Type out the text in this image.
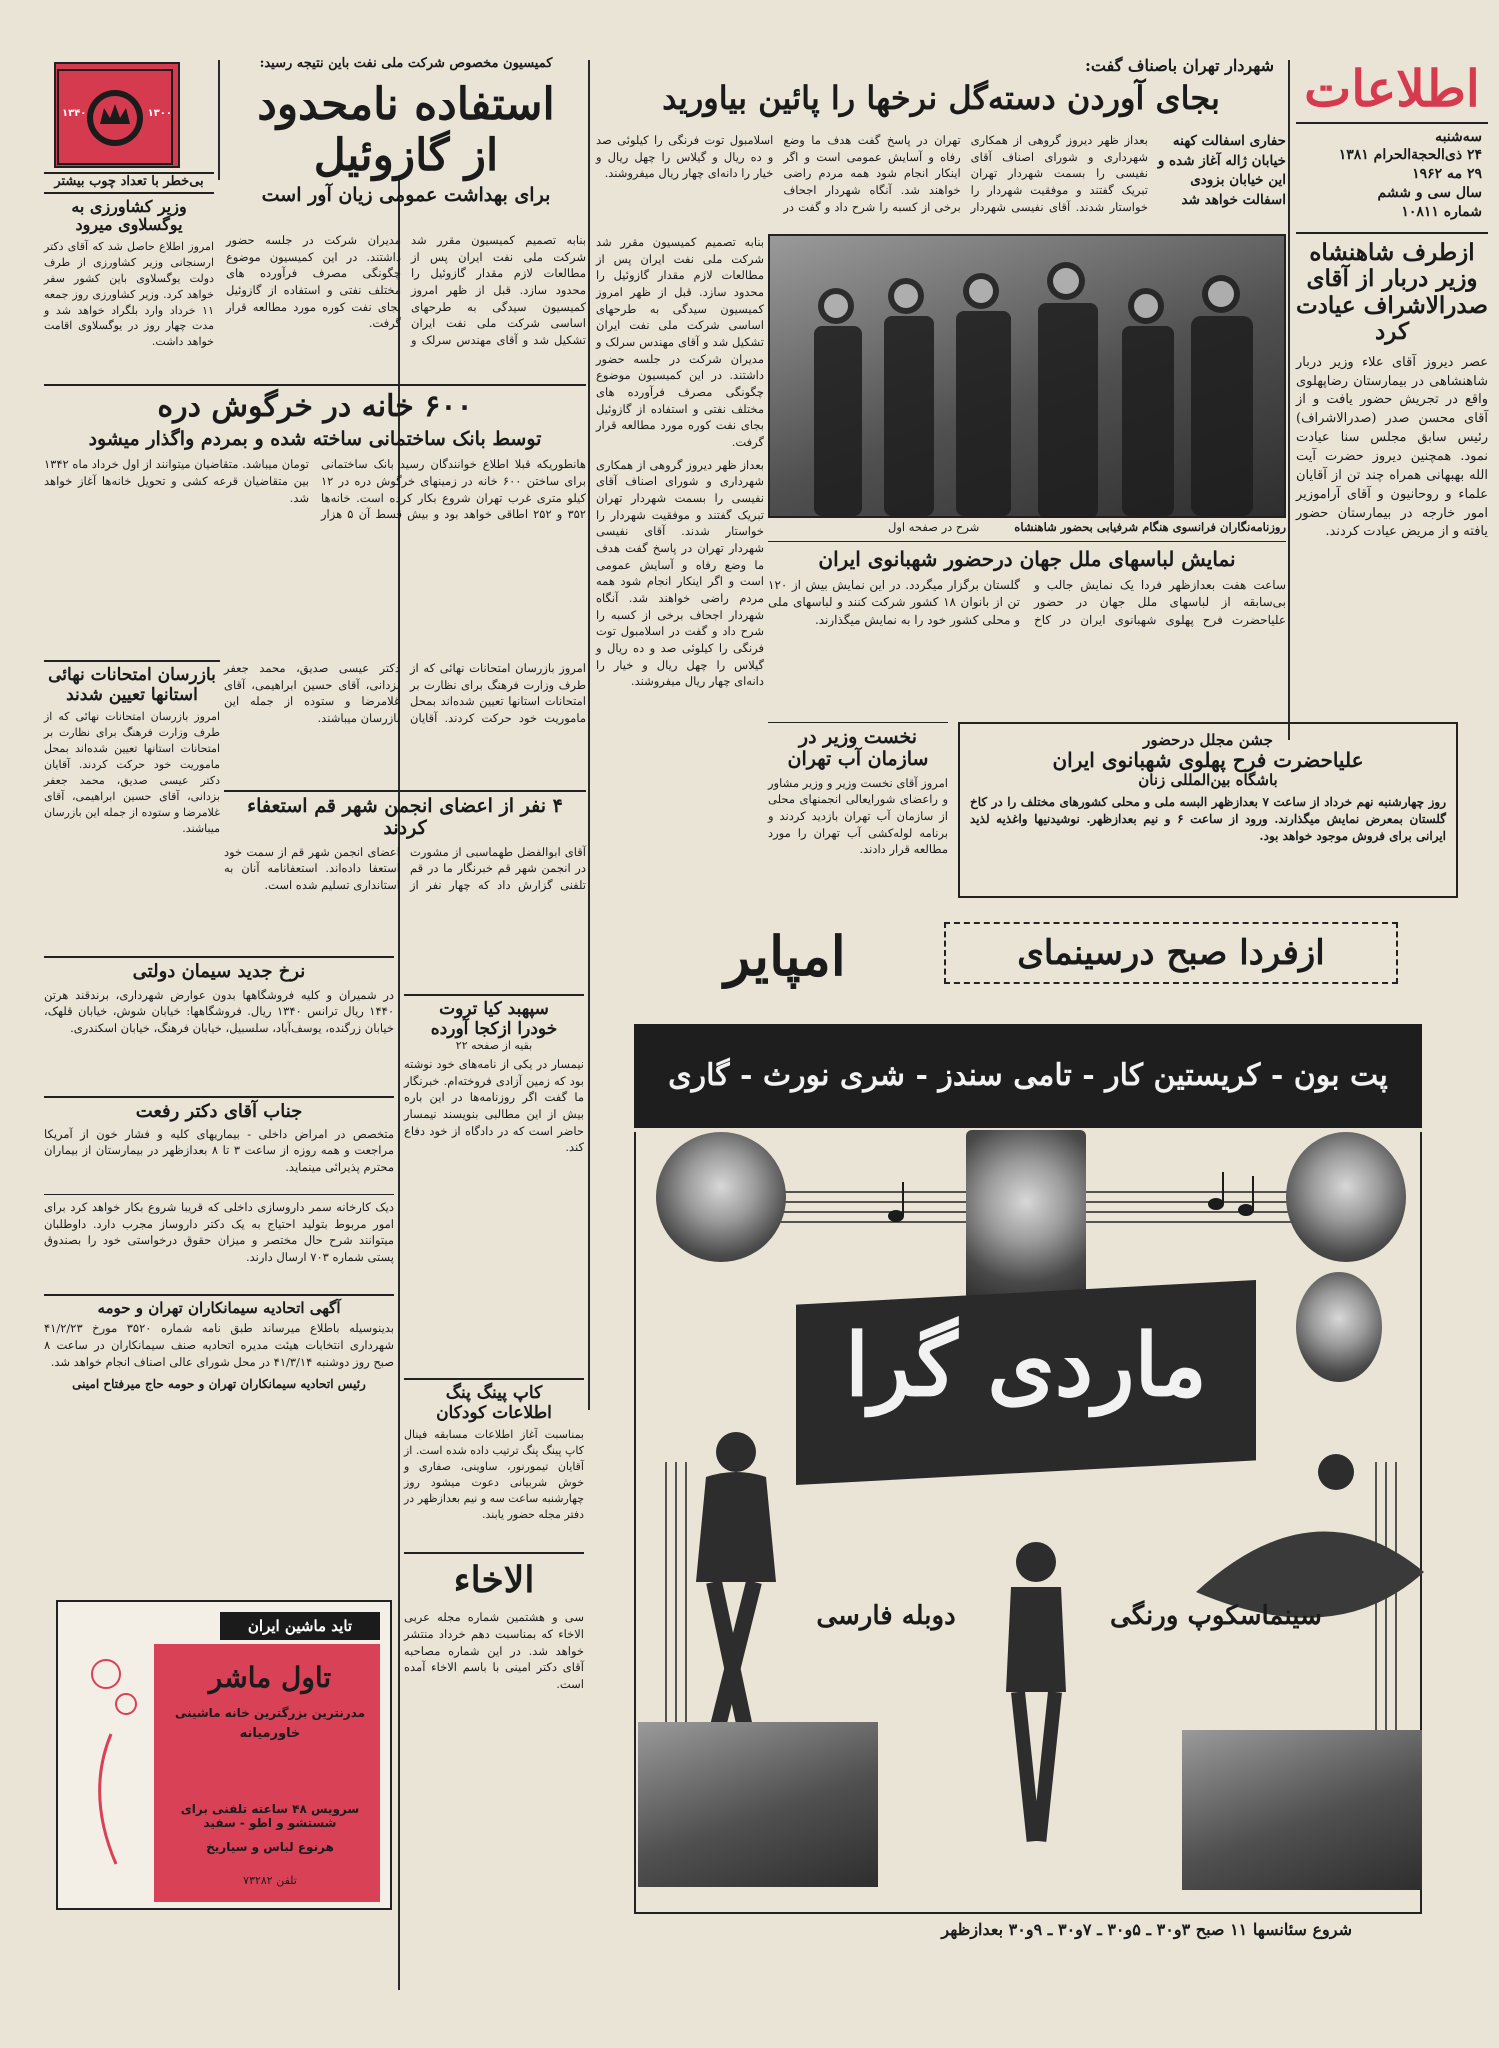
اطلاعات
سه‌شنبه
۲۴ ذی‌الحجة‌الحرام ۱۳۸۱
۲۹ مه ۱۹۶۲
سال سی و ششم
شماره ۱۰۸۱۱
ازطرف شاهنشاه وزیر دربار از آقای صدرالاشراف عیادت کرد

عصر دیروز آقای علاء وزیر دربار شاهنشاهی در بیمارستان رضاپهلوی واقع در تجریش حضور یافت و از آقای محسن صدر (صدرالاشراف) رئیس سابق مجلس سنا عیادت نمود. همچنین دیروز حضرت آیت الله بهبهانی همراه چند تن از آقایان علماء و روحانیون و آقای آراموزیر امور خارجه در بیمارستان حضور یافته و از مریض عیادت کردند.

شهردار تهران باصناف گفت:
بجای آوردن دسته‌گل نرخها را پائین بیاورید

حفاری اسفالت کهنه خیابان ژاله آغاز شده و این خیابان بزودی اسفالت خواهد شد

بعداز ظهر دیروز گروهی از همکاری شهرداری و شورای اصناف آقای نفیسی را بسمت شهردار تهران تبریک گفتند و موفقیت شهردار را خواستار شدند. آقای نفیسی شهردار تهران در پاسخ گفت هدف ما وضع رفاه و آسایش عمومی است و اگر اینکار انجام شود همه مردم راضی خواهند شد. آنگاه شهردار اجحاف برخی از کسبه را شرح داد و گفت در اسلامبول توت فرنگی را کیلوئی صد و ده ریال و گیلاس را چهل ریال و خیار را دانه‌ای چهار ریال میفروشند.

روزنامه‌نگاران فرانسوی هنگام شرفیابی بحضور شاهنشاه
شرح در صفحه اول

بنابه تصمیم کمیسیون مقرر شد شرکت ملی نفت ایران پس از مطالعات لازم مقدار گازوئیل را محدود سازد. قبل از ظهر امروز کمیسیون سیدگی به طرحهای اساسی شرکت ملی نفت ایران تشکیل شد و آقای مهندس سرلک و مدیران شرکت در جلسه حضور داشتند. در این کمیسیون موضوع چگونگی مصرف فرآورده های مختلف نفتی و استفاده از گازوئیل بجای نفت کوره مورد مطالعه قرار گرفت.

بعداز ظهر دیروز گروهی از همکاری شهرداری و شورای اصناف آقای نفیسی را بسمت شهردار تهران تبریک گفتند و موفقیت شهردار را خواستار شدند. آقای نفیسی شهردار تهران در پاسخ گفت هدف ما وضع رفاه و آسایش عمومی است و اگر اینکار انجام شود همه مردم راضی خواهند شد. آنگاه شهردار اجحاف برخی از کسبه را شرح داد و گفت در اسلامبول توت فرنگی را کیلوئی صد و ده ریال و گیلاس را چهل ریال و خیار را دانه‌ای چهار ریال میفروشند.

نمایش لباسهای ملل جهان درحضور شهبانوی ایران

ساعت هفت بعدازظهر فردا یک نمایش جالب و بی‌سابقه از لباسهای ملل جهان در حضور علیاحضرت فرح پهلوی شهبانوی ایران در کاخ گلستان برگزار میگردد. در این نمایش بیش از ۱۲۰ تن از بانوان ۱۸ کشور شرکت کنند و لباسهای ملی و محلی کشور خود را به نمایش میگذارند.

نخست وزیر در
سازمان آب تهران

امروز آقای نخست وزیر و وزیر مشاور و راعضای شورایعالی انجمنهای محلی از سازمان آب تهران بازدید کردند و برنامه لوله‌کشی آب تهران را مورد مطالعه قرار دادند.

جشن مجلل درحضور
علیاحضرت فرح پهلوی شهبانوی ایران
باشگاه بین‌المللی زنان

روز چهارشنبه نهم خرداد از ساعت ۷ بعدازظهر البسه ملی و محلی کشورهای مختلف را در کاخ گلستان بمعرض نمایش میگذارند. ورود از ساعت ۶ و نیم بعدازظهر. نوشیدنیها واغذیه لذید ایرانی برای فروش موجود خواهد بود.

کمیسیون مخصوص شرکت ملی نفت باین نتیجه رسید:
استفاده نامحدود
از گازوئیل
برای بهداشت عمومی زیان آور است

بنابه تصمیم کمیسیون مقرر شد شرکت ملی نفت ایران پس از مطالعات لازم مقدار گازوئیل را محدود سازد. قبل از ظهر امروز کمیسیون سیدگی به طرحهای اساسی شرکت ملی نفت ایران تشکیل شد و آقای مهندس سرلک و مدیران شرکت در جلسه حضور داشتند. در این کمیسیون موضوع چگونگی مصرف فرآورده های مختلف نفتی و استفاده از گازوئیل بجای نفت کوره مورد مطالعه قرار گرفت.

۱۳۴۰	۱۳۰۰
بی‌خطر با تعداد چوب بیشتر
وزیر کشاورزی به یوگسلاوی میرود

امروز اطلاع حاصل شد که آقای دکتر ارسنجانی وزیر کشاورزی از طرف دولت یوگسلاوی باین کشور سفر خواهد کرد. وزیر کشاورزی روز جمعه ۱۱ خرداد وارد بلگراد خواهد شد و مدت چهار روز در یوگسلاوی اقامت خواهد داشت.

۶۰۰ خانه در خرگوش دره
توسط بانک ساختمانی ساخته شده و بمردم واگذار میشود

هانطوریکه قبلا اطلاع خوانندگان رسید بانک ساختمانی برای ساختن ۶۰۰ خانه در زمینهای خرگوش دره در ۱۲ کیلو متری غرب تهران شروع بکار کرده است. خانه‌ها ۳۵۲ و ۲۵۲ اطاقی خواهد بود و بیش قسط آن ۵ هزار تومان میباشد. متقاضیان میتوانند از اول خرداد ماه ۱۳۴۲ بین متقاضیان قرعه کشی و تحویل خانه‌ها آغاز خواهد شد.

بازرسان امتحانات نهائی استانها تعیین شدند

امروز بازرسان امتحانات نهائی که از طرف وزارت فرهنگ برای نظارت بر امتحانات استانها تعیین شده‌اند بمحل ماموریت خود حرکت کردند. آقایان دکتر عیسی صدیق، محمد جعفر بزدانی، آقای حسین ابراهیمی، آقای غلامرضا و ستوده از جمله این بازرسان میباشند.

۴ نفر از اعضای انجمن شهر قم استعفاء کردند

آقای ابوالفضل طهماسبی از مشورت در انجمن شهر قم خبرنگار ما در قم تلفنی گزارش داد که چهار نفر از اعضای انجمن شهر قم از سمت خود استعفا داده‌اند. استعفانامه آنان به استانداری تسلیم شده است.

امروز بازرسان امتحانات نهائی که از طرف وزارت فرهنگ برای نظارت بر امتحانات استانها تعیین شده‌اند بمحل ماموریت خود حرکت کردند. آقایان دکتر عیسی صدیق، محمد جعفر بزدانی، آقای حسین ابراهیمی، آقای غلامرضا و ستوده از جمله این بازرسان میباشند.

نرخ جدید سیمان دولتی

در شمیران و کلیه فروشگاهها بدون عوارض شهرداری، برندقند هرتن ۱۴۴۰ ریال ترانس ۱۳۴۰ ریال. فروشگاهها: خیابان شوش، خیابان قلهک، خیابان زرگنده، یوسف‌آباد، سلسبیل، خیابان فرهنگ، خیابان اسکندری.

جناب آقای دکتر رفعت

متخصص در امراض داخلی - بیماریهای کلیه و فشار خون از آمریکا مراجعت و همه روزه از ساعت ۳ تا ۸ بعدازظهر در بیمارستان از بیماران محترم پذیرائی مینماید.

دیک کارخانه سمر داروسازی داخلی که قریبا شروع بکار خواهد کرد برای امور مربوط بتولید احتیاج به یک دکتر داروساز مجرب دارد. داوطلبان میتوانند شرح حال مختصر و میزان حقوق درخواستی خود را بصندوق پستی شماره ۷۰۳ ارسال دارند.

آگهی اتحادیه سیمانکاران تهران و حومه

بدینوسیله باطلاع میرساند طبق نامه شماره ۳۵۲۰ مورخ ۴۱/۲/۲۳ شهرداری انتخابات هیئت مدیره اتحادیه صنف سیمانکاران در ساعت ۸ صبح روز دوشنبه ۴۱/۳/۱۴ در محل شورای عالی اصناف انجام خواهد شد.

رئیس اتحادیه سیمانکاران تهران و حومه حاج میرفتاح امینی

تاید ماشین ایران
تاول ماشر
مدرنترین بزرگترین خانه ماشینی
خاورمیانه
سرویس ۴۸ ساعته تلفنی برای شستشو و اطو - سفید
هرنوع لباس و سیاریخ
تلفن ۷۳۲۸۲
سپهبد کیا تروت
خودرا ازکجا آورده
بقیه از صفحه ۲۲

نیمسار در یکی از نامه‌های خود نوشته بود که زمین آزادی فروخته‌ام. خبرنگار ما گفت اگر روزنامه‌ها در این باره بیش از این مطالبی بنویسند نیمسار حاضر است که در دادگاه از خود دفاع کند.

کاپ پینگ پنگ
اطلاعات کودکان

بمناسبت آغاز اطلاعات مسابقه فینال کاپ پینگ پنگ ترتیب داده شده است. از آقایان تیمورنور، ساوینی، صفاری و خوش شربیانی دعوت میشود روز چهارشنبه ساعت سه و نیم بعدازظهر در دفتر مجله حضور یابند.

الاخاء

سی و هشتمین شماره مجله عربی الاخاء که بمناسبت دهم خرداد منتشر خواهد شد. در این شماره مصاحبه آقای دکتر امینی با باسم الاخاء آمده است.

ازفردا صبح درسینمای
امپایر
پت بون - کریستین کار - تامی سندز - شری نورث - گاری
ماردی گرا
سینماسکوپ ورنگی
دوبله فارسی
شروع سئانسها ۱۱ صبح ۳و۳۰ ـ ۵و۳۰ ـ ۷و۳۰ ـ ۹و۳۰ بعدازظهر
